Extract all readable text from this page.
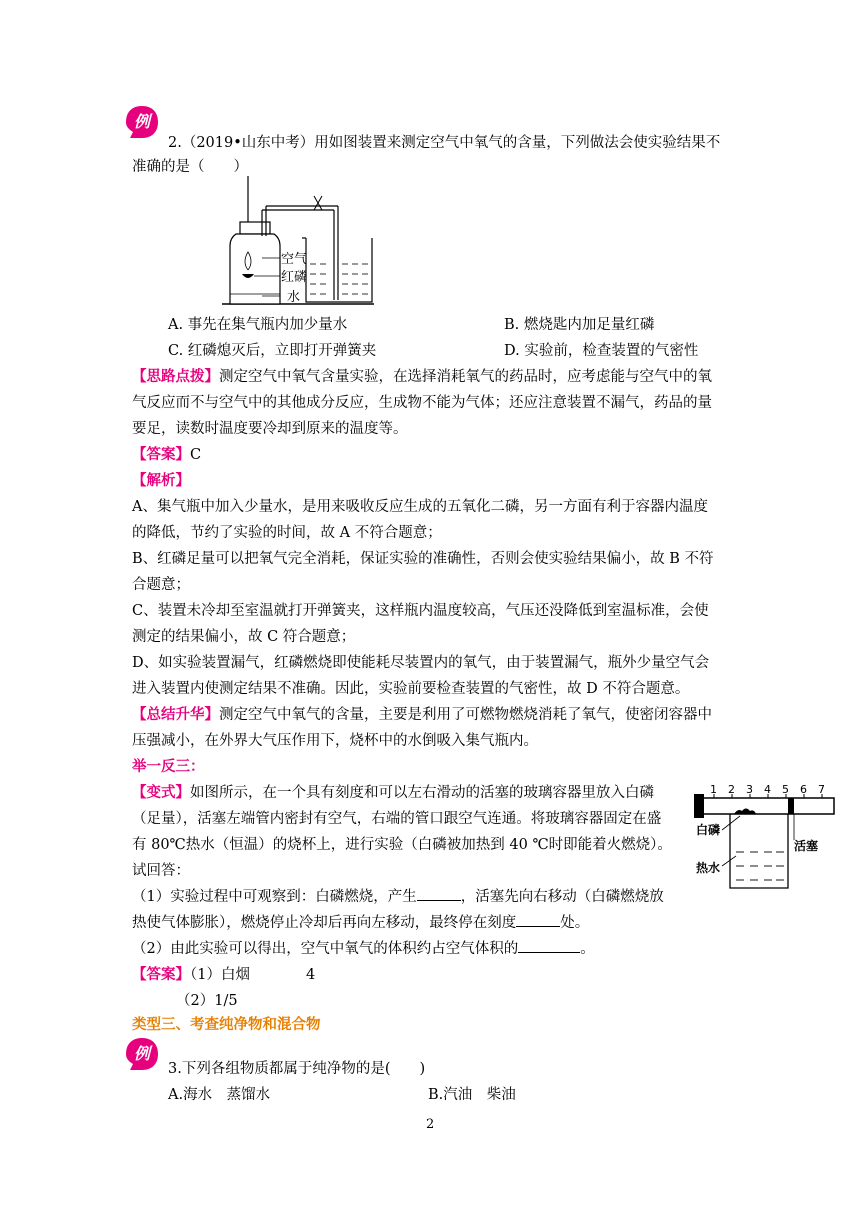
例
2.（2019•山东中考）用如图装置来测定空气中氧气的含量，下列做法会使实验结果不
准确的是（　　）
空气
红磷
水
A. 事先在集气瓶内加少量水	B. 燃烧匙内加足量红磷
C. 红磷熄灭后，立即打开弹簧夹	D. 实验前，检查装置的气密性
【思路点拨】测定空气中氧气含量实验，在选择消耗氧气的药品时，应考虑能与空气中的氧
气反应而不与空气中的其他成分反应，生成物不能为气体；还应注意装置不漏气，药品的量
要足，读数时温度要冷却到原来的温度等。
【答案】C
【解析】
A、集气瓶中加入少量水，是用来吸收反应生成的五氧化二磷，另一方面有利于容器内温度
的降低，节约了实验的时间，故 A 不符合题意；
B、红磷足量可以把氧气完全消耗，保证实验的准确性，否则会使实验结果偏小，故 B 不符
合题意；
C、装置未冷却至室温就打开弹簧夹，这样瓶内温度较高，气压还没降低到室温标准，会使
测定的结果偏小，故 C 符合题意；
D、如实验装置漏气，红磷燃烧即使能耗尽装置内的氧气，由于装置漏气，瓶外少量空气会
进入装置内使测定结果不准确。因此，实验前要检查装置的气密性，故 D 不符合题意。
【总结升华】测定空气中氧气的含量，主要是利用了可燃物燃烧消耗了氧气，使密闭容器中
压强减小，在外界大气压作用下，烧杯中的水倒吸入集气瓶内。
举一反三：
【变式】如图所示，在一个具有刻度和可以左右滑动的活塞的玻璃容器里放入白磷
（足量），活塞左端管内密封有空气，右端的管口跟空气连通。将玻璃容器固定在盛
有 80℃热水（恒温）的烧杯上，进行实验（白磷被加热到 40 ℃时即能着火燃烧）。
试回答：
（1）实验过程中可观察到：白磷燃烧，产生	，活塞先向右移动（白磷燃烧放
热使气体膨胀），燃烧停止冷却后再向左移动，最终停在刻度	处。
（2）由此实验可以得出，空气中氧气的体积约占空气体积的	。
1 2 3 4 5 6 7
白磷
活塞
热水
【答案】（1）白烟	4
（2）1/5
类型三、考查纯净物和混合物
例
3.下列各组物质都属于纯净物的是(　　)
A.海水　蒸馏水	B.汽油　柴油
2
